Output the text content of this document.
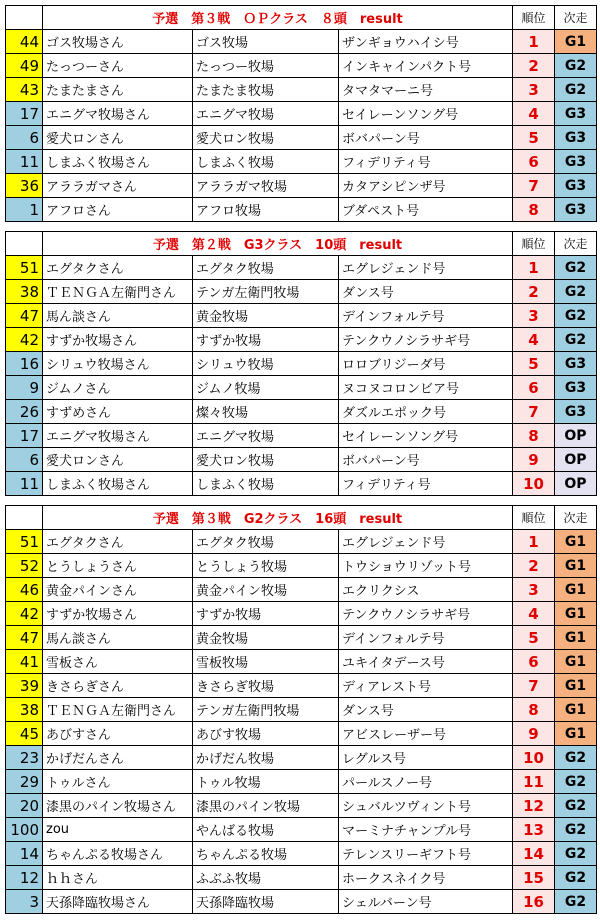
	予選　第３戦　ＯＰクラス　８頭　result			順位	次走
44	ゴス牧場さん	ゴス牧場	ザンギョウハイシ号	1	G1
49	たっつーさん	たっつー牧場	インキャインパクト号	2	G2
43	たまたまさん	たまたま牧場	タマタマーニ号	3	G2
17	エニグマ牧場さん	エニグマ牧場	セイレーンソング号	4	G3
6	愛犬ロンさん	愛犬ロン牧場	ボバパーン号	5	G3
11	しまふく牧場さん	しまふく牧場	フィデリティ号	6	G3
36	アララガマさん	アララガマ牧場	カタアシピンザ号	7	G3
1	アフロさん	アフロ牧場	ブダペスト号	8	G3
	予選　第２戦　G3クラス　10頭　result			順位	次走
51	エグタクさん	エグタク牧場	エグレジェンド号	1	G2
38	ＴＥＮＧＡ左衛門さん	テンガ左衛門牧場	ダンス号	2	G2
47	馬ん談さん	黄金牧場	デインフォルテ号	3	G2
42	すずか牧場さん	すずか牧場	テンクウノシラサギ号	4	G2
16	シリュウ牧場さん	シリュウ牧場	ロロブリジーダ号	5	G3
9	ジムノさん	ジムノ牧場	ヌコヌコロンビア号	6	G3
26	すずめさん	燦々牧場	ダズルエポック号	7	G3
17	エニグマ牧場さん	エニグマ牧場	セイレーンソング号	8	OP
6	愛犬ロンさん	愛犬ロン牧場	ボバパーン号	9	OP
11	しまふく牧場さん	しまふく牧場	フィデリティ号	10	OP
	予選　第３戦　G2クラス　16頭　result			順位	次走
51	エグタクさん	エグタク牧場	エグレジェンド号	1	G1
52	とうしょうさん	とうしょう牧場	トウショウリゾット号	2	G1
46	黄金パインさん	黄金パイン牧場	エクリクシス	3	G1
42	すずか牧場さん	すずか牧場	テンクウノシラサギ号	4	G1
47	馬ん談さん	黄金牧場	デインフォルテ号	5	G1
41	雪板さん	雪板牧場	ユキイタデース号	6	G1
39	きさらぎさん	きさらぎ牧場	ディアレスト号	7	G1
38	ＴＥＮＧＡ左衛門さん	テンガ左衛門牧場	ダンス号	8	G1
45	あびすさん	あびす牧場	アビスレーザー号	9	G1
23	かげだんさん	かげだん牧場	レグルス号	10	G2
29	トゥルさん	トゥル牧場	パールスノー号	11	G2
20	漆黒のパイン牧場さん	漆黒のパイン牧場	シュバルツヴィント号	12	G2
100	zou	やんばる牧場	マーミナチャンプル号	13	G2
14	ちゃんぷる牧場さん	ちゃんぷる牧場	テレンスリーギフト号	14	G2
12	ｈｈさん	ふぶふ牧場	ホークスネイク号	15	G2
3	天孫降臨牧場さん	天孫降臨牧場	シェルバーン号	16	G2
